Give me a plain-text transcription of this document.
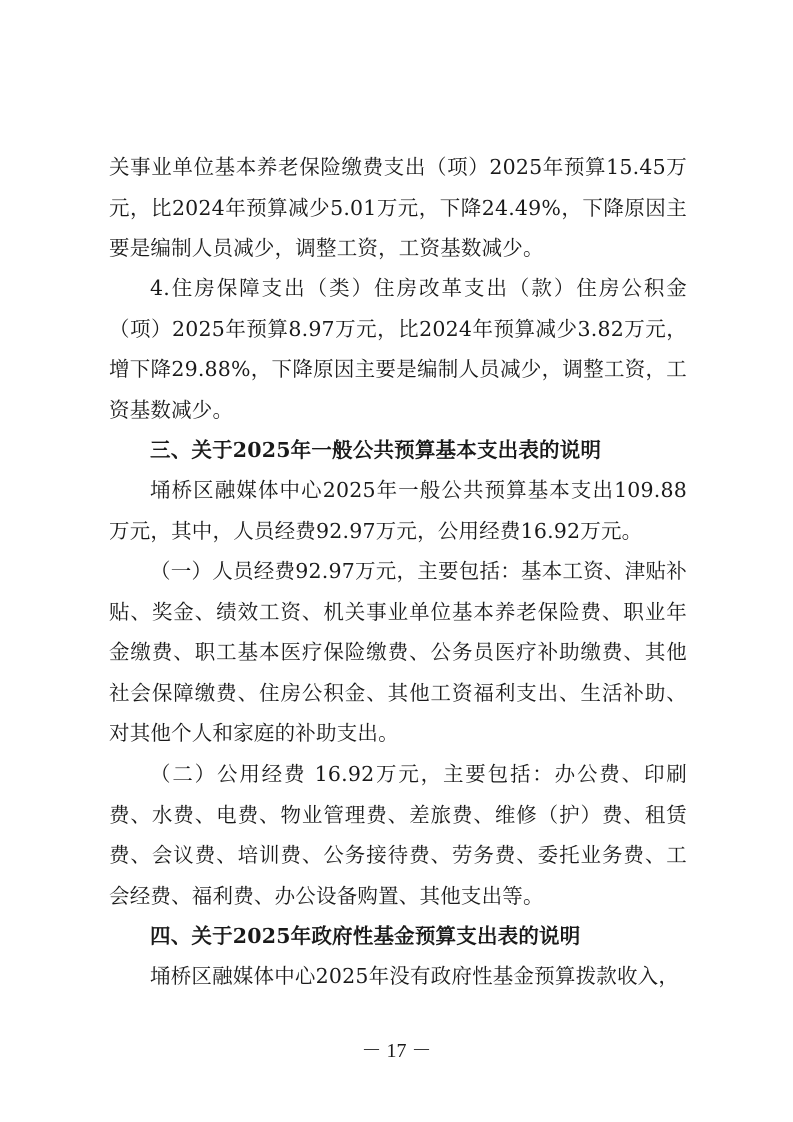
关事业单位基本养老保险缴费支出（项）2025年预算15.45万元，比2024年预算减少5.01万元，下降24.49%，下降原因主要是编制人员减少，调整工资，工资基数减少。

4.住房保障支出（类）住房改革支出（款）住房公积金（项）2025年预算8.97万元，比2024年预算减少3.82万元，增下降29.88%，下降原因主要是编制人员减少，调整工资，工资基数减少。

三、关于2025年一般公共预算基本支出表的说明

埇桥区融媒体中心2025年一般公共预算基本支出109.88万元，其中，人员经费92.97万元，公用经费16.92万元。

（一）人员经费92.97万元，主要包括：基本工资、津贴补贴、奖金、绩效工资、机关事业单位基本养老保险费、职业年金缴费、职工基本医疗保险缴费、公务员医疗补助缴费、其他社会保障缴费、住房公积金、其他工资福利支出、生活补助、对其他个人和家庭的补助支出。

（二）公用经费 16.92万元，主要包括：办公费、印刷费、水费、电费、物业管理费、差旅费、维修（护）费、租赁费、会议费、培训费、公务接待费、劳务费、委托业务费、工会经费、福利费、办公设备购置、其他支出等。

四、关于2025年政府性基金预算支出表的说明

埇桥区融媒体中心2025年没有政府性基金预算拨款收入，

－ 17 －
